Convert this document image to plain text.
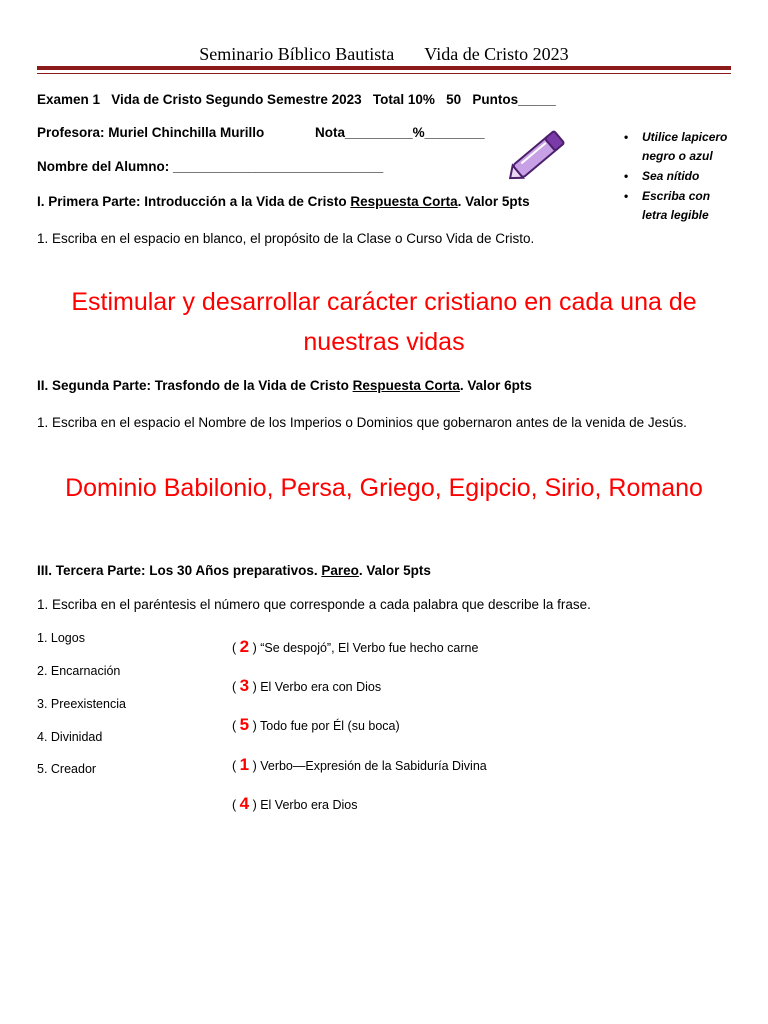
Seminario Bíblico Bautista Vida de Cristo 2023
Examen 1   Vida de Cristo Segundo Semestre 2023   Total 10%   50   Puntos_____
Profesora: Muriel Chinchilla Murillo	Nota_________%________
Nombre del Alumno: ____________________________
• Utilice lapicero negro o azul
• Sea nítido
• Escriba con letra legible
I. Primera Parte: Introducción a la Vida de Cristo Respuesta Corta. Valor 5pts
1. Escriba en el espacio en blanco, el propósito de la Clase o Curso Vida de Cristo.
Estimular y desarrollar carácter cristiano en cada una de nuestras vidas
II. Segunda Parte: Trasfondo de la Vida de Cristo Respuesta Corta. Valor 6pts
1. Escriba en el espacio el Nombre de los Imperios o Dominios que gobernaron antes de la venida de Jesús.
Dominio Babilonio, Persa, Griego, Egipcio, Sirio, Romano
III. Tercera Parte: Los 30 Años preparativos. Pareo. Valor 5pts
1. Escriba en el paréntesis el número que corresponde a cada palabra que describe la frase.
1. Logos
2. Encarnación
3. Preexistencia
4. Divinidad
5. Creador
( 2 ) “Se despojó”, El Verbo fue hecho carne
( 3 ) El Verbo era con Dios
( 5 ) Todo fue por Él (su boca)
( 1 ) Verbo—Expresión de la Sabiduría Divina
( 4 ) El Verbo era Dios
